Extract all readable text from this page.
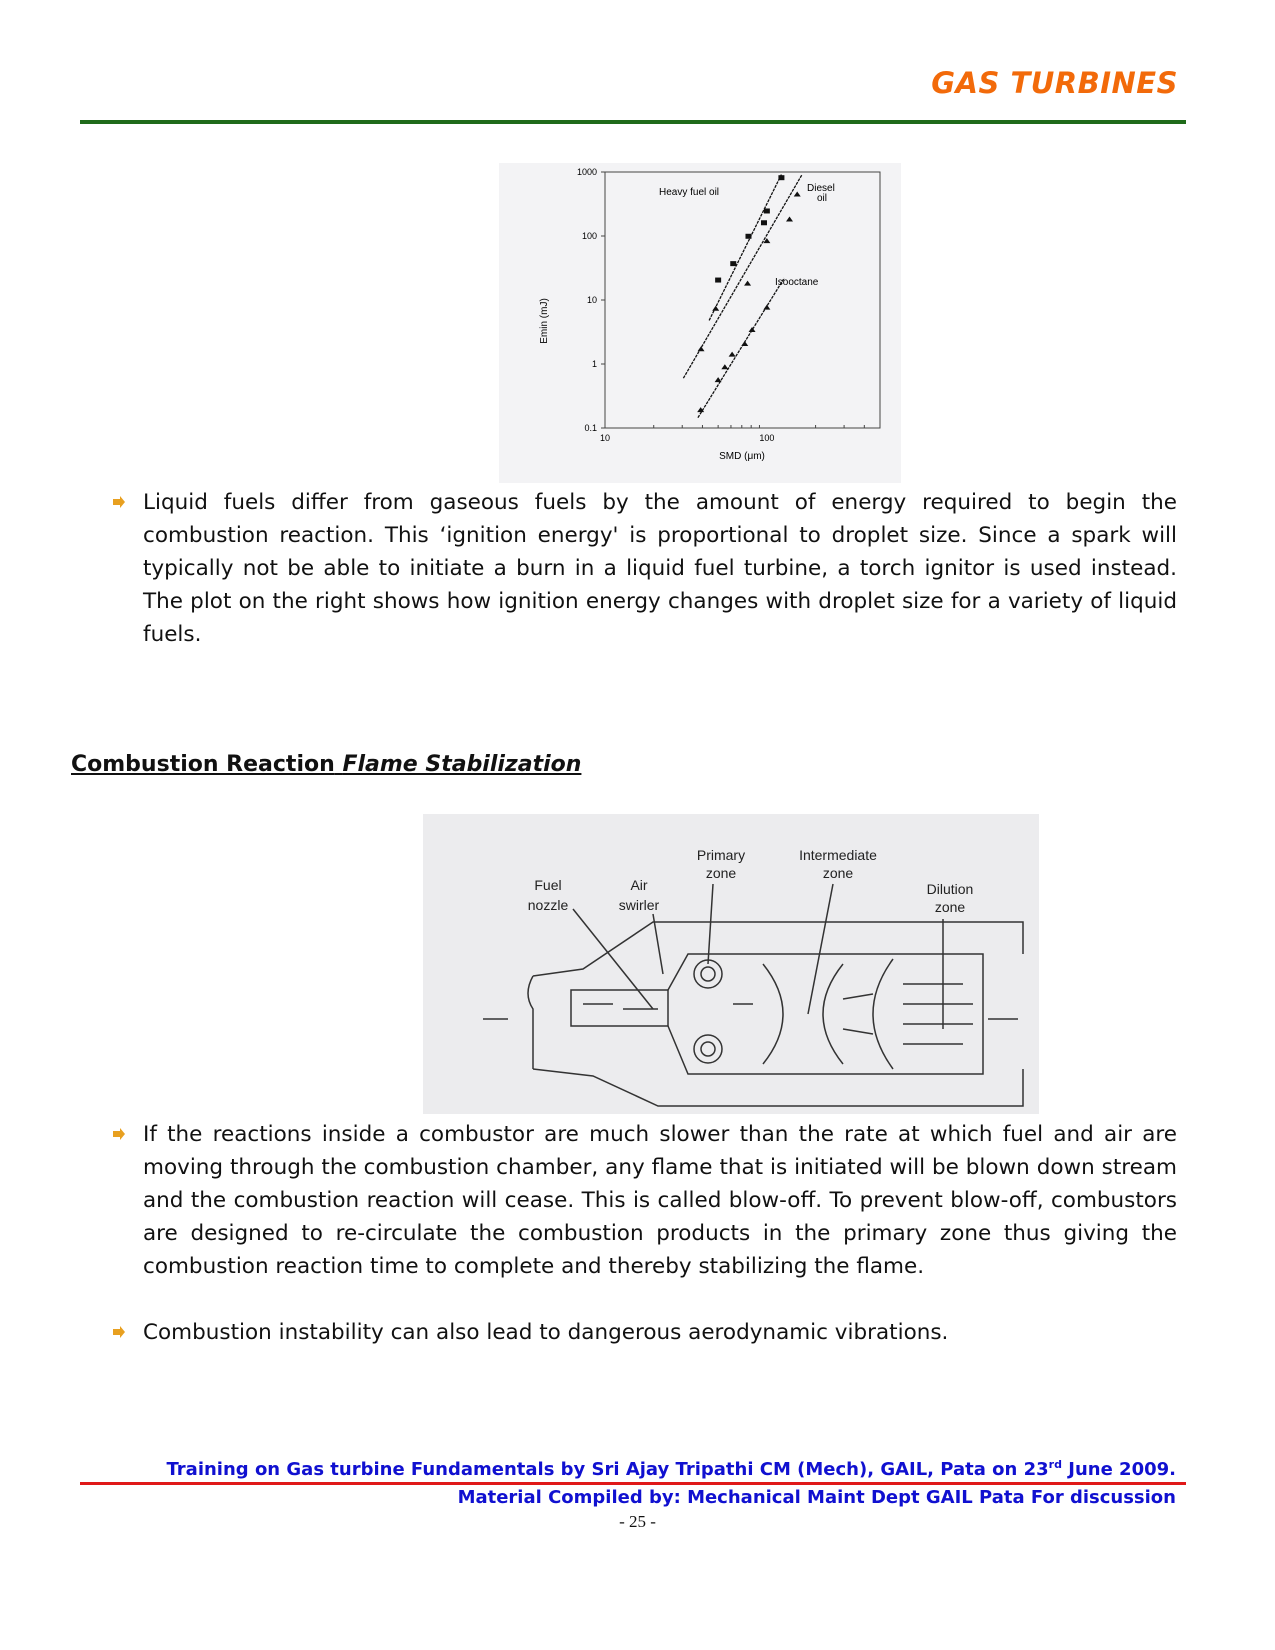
GAS TURBINES
1000
100
10
1
0.1
10	100
Emin (mJ)
SMD (μm)
Heavy fuel oil	Diesel
oil
Isooctane

Liquid fuels differ from gaseous fuels by the amount of energy required to begin the combustion reaction. This ‘ignition energy' is proportional to droplet size. Since a spark will typically not be able to initiate a burn in a liquid fuel turbine, a torch ignitor is used instead. The plot on the right shows how ignition energy changes with droplet size for a variety of liquid fuels.

Combustion Reaction Flame Stabilization
Fuel
nozzle
Air
swirler
Primary
zone
Intermediate
zone
Dilution
zone

If the reactions inside a combustor are much slower than the rate at which fuel and air are moving through the combustion chamber, any flame that is initiated will be blown down stream and the combustion reaction will cease. This is called blow-off. To prevent blow-off, combustors are designed to re-circulate the combustion products in the primary zone thus giving the combustion reaction time to complete and thereby stabilizing the flame.

Combustion instability can also lead to dangerous aerodynamic vibrations.

Training on Gas turbine Fundamentals by Sri Ajay Tripathi CM (Mech), GAIL, Pata on 23rd June 2009.
Material Compiled by: Mechanical Maint Dept GAIL Pata For discussion
- 25 -
